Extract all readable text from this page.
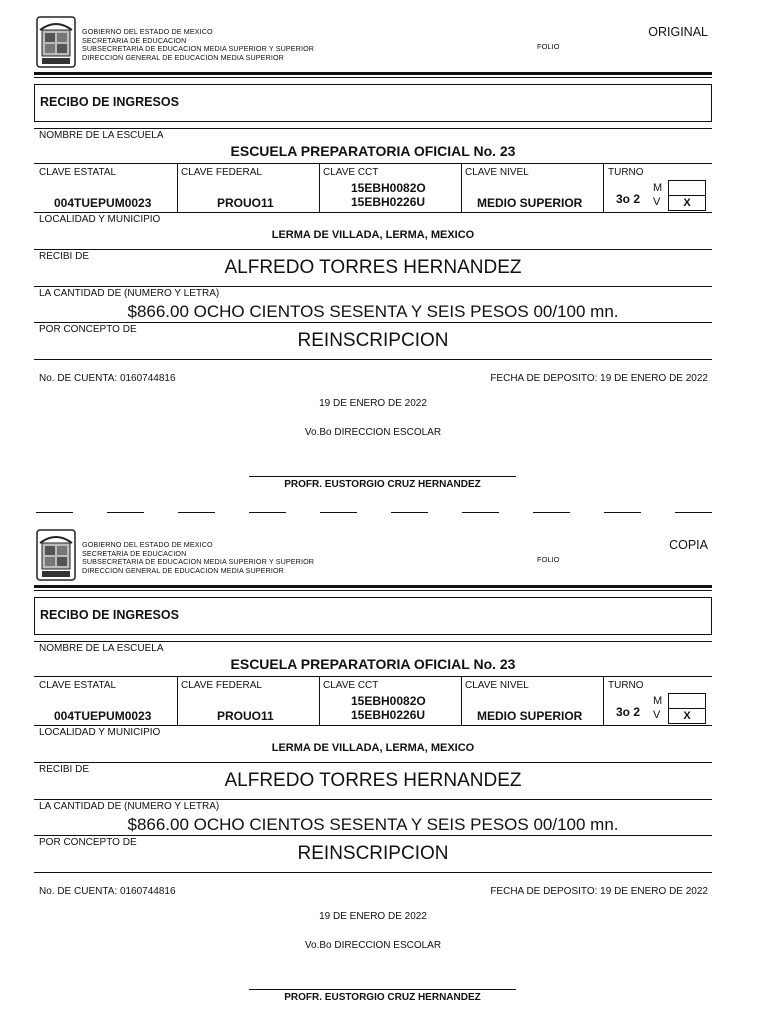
GOBIERNO DEL ESTADO DE MEXICO
SECRETARIA DE EDUCACION
SUBSECRETARIA DE EDUCACION MEDIA SUPERIOR Y SUPERIOR
DIRECCION GENERAL DE EDUCACION MEDIA SUPERIOR
FOLIO
ORIGINAL
RECIBO DE INGRESOS
NOMBRE DE LA ESCUELA
ESCUELA PREPARATORIA OFICIAL No. 23
CLAVE ESTATAL
004TUEPUM0023
CLAVE FEDERAL
PROUO11
CLAVE CCT
15EBH0082O
15EBH0226U
CLAVE NIVEL
MEDIO SUPERIOR
TURNO
3o 2
M
V	X
LOCALIDAD Y MUNICIPIO
LERMA DE VILLADA, LERMA, MEXICO
RECIBI DE
ALFREDO TORRES HERNANDEZ
LA CANTIDAD DE (NUMERO Y LETRA)
$866.00 OCHO CIENTOS SESENTA Y SEIS PESOS 00/100 mn.
POR CONCEPTO DE
REINSCRIPCION
No. DE CUENTA: 0160744816	FECHA DE DEPOSITO: 19 DE ENERO DE 2022
19 DE ENERO DE 2022
Vo.Bo DIRECCION ESCOLAR
PROFR. EUSTORGIO CRUZ HERNANDEZ
GOBIERNO DEL ESTADO DE MEXICO
SECRETARIA DE EDUCACION
SUBSECRETARIA DE EDUCACION MEDIA SUPERIOR Y SUPERIOR
DIRECCION GENERAL DE EDUCACION MEDIA SUPERIOR
FOLIO
COPIA
RECIBO DE INGRESOS
NOMBRE DE LA ESCUELA
ESCUELA PREPARATORIA OFICIAL No. 23
CLAVE ESTATAL
004TUEPUM0023
CLAVE FEDERAL
PROUO11
CLAVE CCT
15EBH0082O
15EBH0226U
CLAVE NIVEL
MEDIO SUPERIOR
TURNO
3o 2
M
V	X
LOCALIDAD Y MUNICIPIO
LERMA DE VILLADA, LERMA, MEXICO
RECIBI DE
ALFREDO TORRES HERNANDEZ
LA CANTIDAD DE (NUMERO Y LETRA)
$866.00 OCHO CIENTOS SESENTA Y SEIS PESOS 00/100 mn.
POR CONCEPTO DE
REINSCRIPCION
No. DE CUENTA: 0160744816	FECHA DE DEPOSITO: 19 DE ENERO DE 2022
19 DE ENERO DE 2022
Vo.Bo DIRECCION ESCOLAR
PROFR. EUSTORGIO CRUZ HERNANDEZ
